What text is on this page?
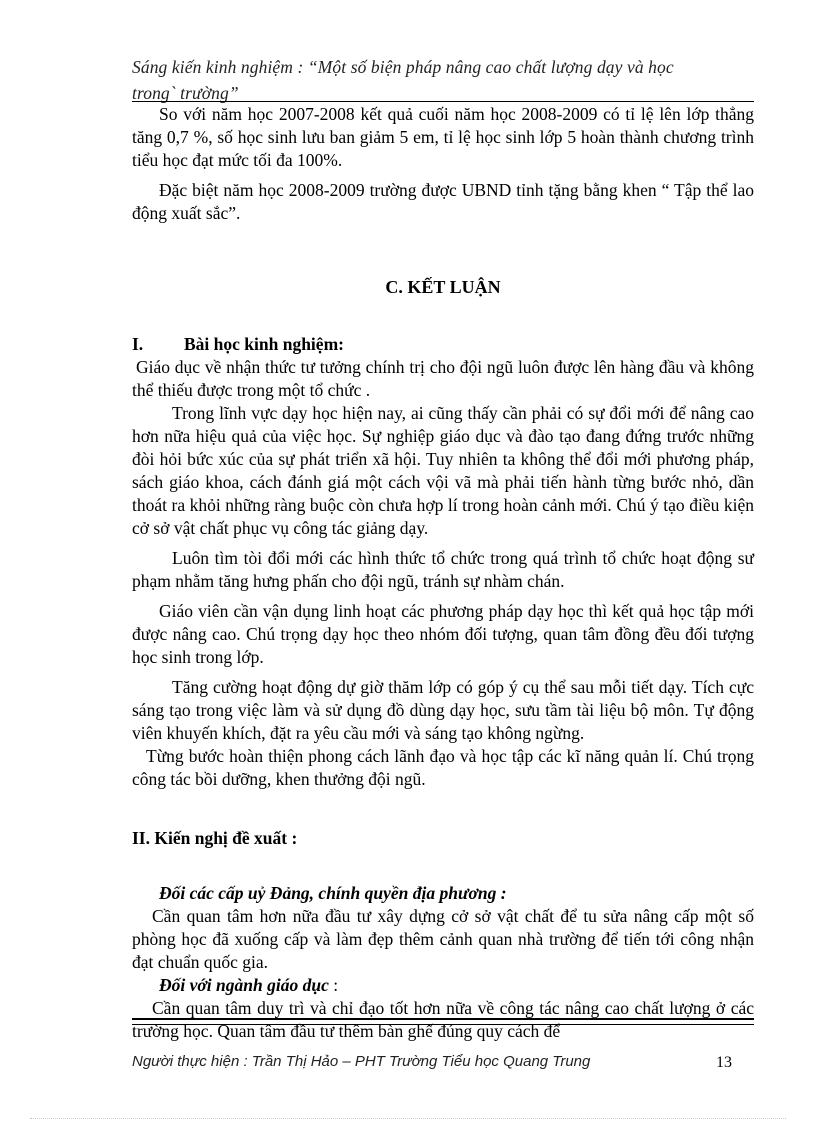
Sáng kiến kinh nghiệm : “Một số biện pháp nâng cao chất lượng dạy và học
trong` trường”

So với năm học 2007-2008 kết quả cuối năm học 2008-2009 có tỉ lệ lên lớp thẳng tăng 0,7 %, số học sinh lưu ban giảm 5 em, tỉ lệ học sinh lớp 5 hoàn thành chương trình tiểu học đạt mức tối đa 100%.

Đặc biệt năm học 2008-2009 trường được UBND tỉnh tặng bằng khen “ Tập thể lao động xuất sắc”.

C. KẾT LUẬN

I. Bài học kinh nghiệm:

Giáo dục về nhận thức tư tưởng chính trị cho đội ngũ luôn được lên hàng đầu và không thể thiếu được trong một tổ chức .

Trong lĩnh vực dạy học hiện nay, ai cũng thấy cần phải có sự đổi mới để nâng cao hơn nữa hiệu quả của việc học. Sự nghiệp giáo dục và đào tạo đang đứng trước những đòi hỏi bức xúc của sự phát triển xã hội. Tuy nhiên ta không thể đổi mới phương pháp, sách giáo khoa, cách đánh giá một cách vội vã mà phải tiến hành từng bước nhỏ, dần thoát ra khỏi những ràng buộc còn chưa hợp lí trong hoàn cảnh mới. Chú ý tạo điều kiện cở sở vật chất phục vụ công tác giảng dạy.

Luôn tìm tòi đổi mới các hình thức tổ chức trong quá trình tổ chức hoạt động sư phạm nhằm tăng hưng phấn cho đội ngũ, tránh sự nhàm chán.

Giáo viên cần vận dụng linh hoạt các phương pháp dạy học thì kết quả học tập mới được nâng cao. Chú trọng dạy học theo nhóm đối tượng, quan tâm đồng đều đối tượng học sinh trong lớp.

Tăng cường hoạt động dự giờ thăm lớp có góp ý cụ thể sau mỗi tiết dạy. Tích cực sáng tạo trong việc làm và sử dụng đồ dùng dạy học, sưu tầm tài liệu bộ môn. Tự động viên khuyến khích, đặt ra yêu cầu mới và sáng tạo không ngừng.

Từng bước hoàn thiện phong cách lãnh đạo và học tập các kĩ năng quản lí. Chú trọng công tác bồi dưỡng, khen thưởng đội ngũ.

II. Kiến nghị đề xuất :

Đối các cấp uỷ Đảng, chính quyền địa phương :

Cần quan tâm hơn nữa đầu tư xây dựng cở sở vật chất để tu sửa nâng cấp một số phòng học đã xuống cấp và làm đẹp thêm cảnh quan nhà trường để tiến tới công nhận đạt chuẩn quốc gia.

Đối với ngành giáo dục :

Cần quan tâm duy trì và chỉ đạo tốt hơn nữa về công tác nâng cao chất lượng ở các trường học. Quan tâm đầu tư thêm bàn ghế đúng quy cách để

Người thực hiện : Trần Thị Hảo – PHT Trường Tiểu học Quang Trung	13
